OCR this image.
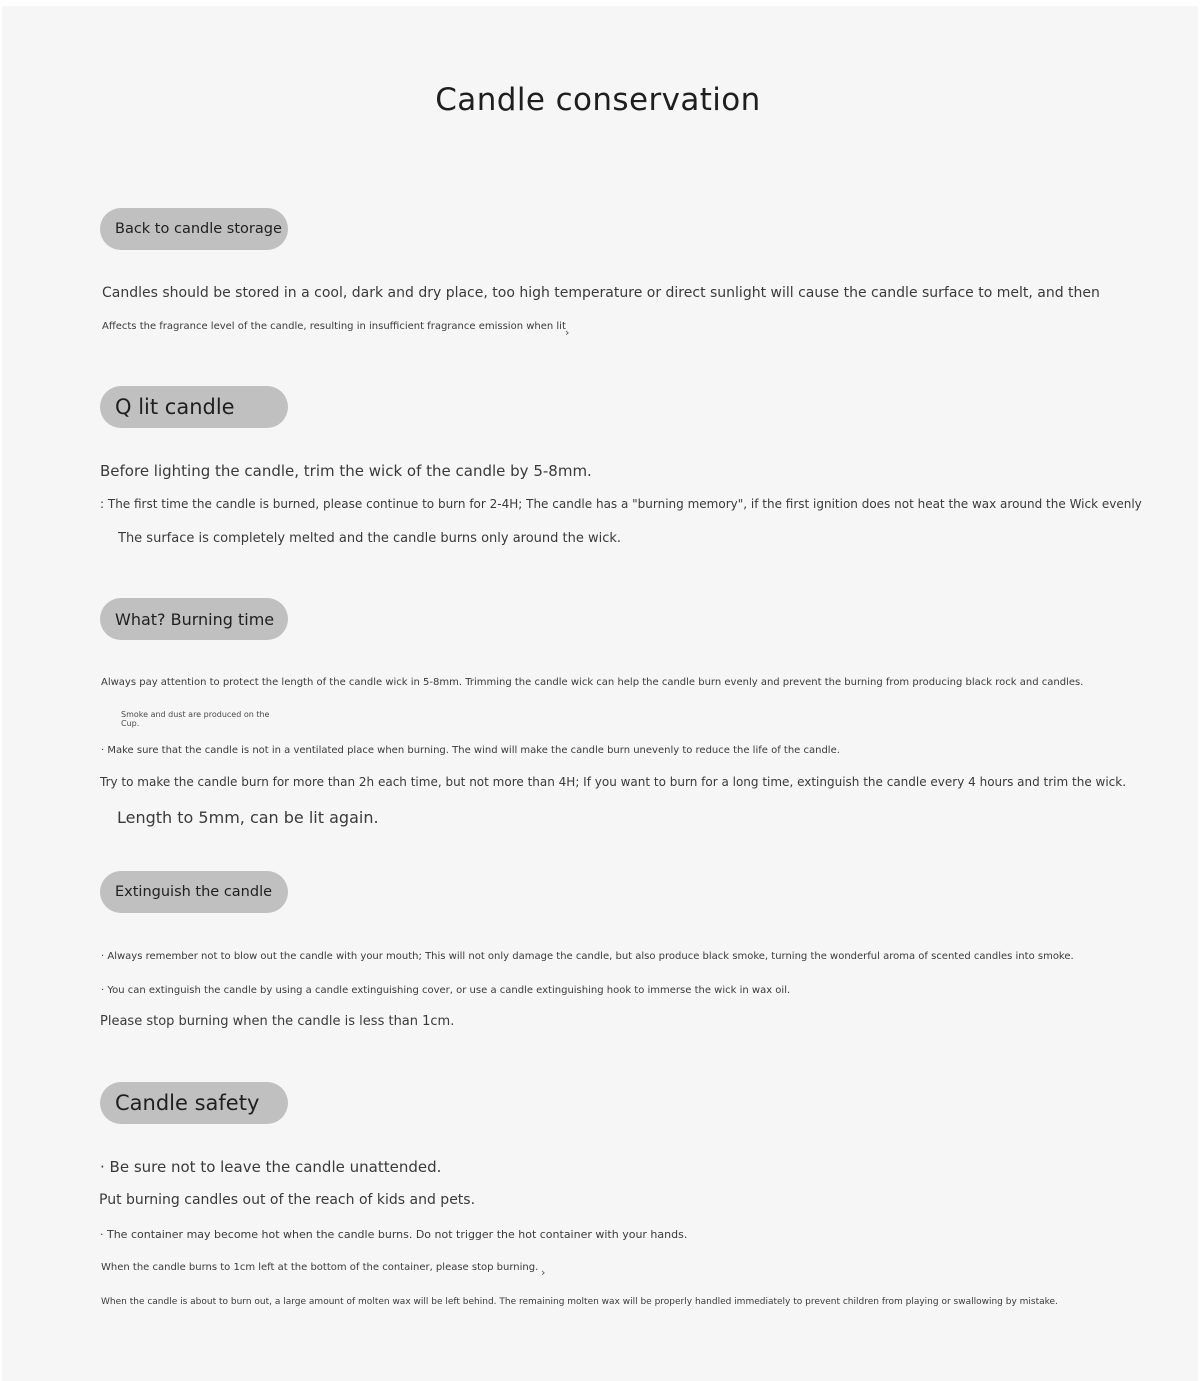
Candle conservation
Back to candle storage
Candles should be stored in a cool, dark and dry place, too high temperature or direct sunlight will cause the candle surface to melt, and then
Affects the fragrance level of the candle, resulting in insufficient fragrance emission when lit ›
Q lit candle
Before lighting the candle, trim the wick of the candle by 5-8mm.
: The first time the candle is burned, please continue to burn for 2-4H; The candle has a "burning memory", if the first ignition does not heat the wax around the Wick evenly
The surface is completely melted and the candle burns only around the wick.
What? Burning time
Always pay attention to protect the length of the candle wick in 5-8mm. Trimming the candle wick can help the candle burn evenly and prevent the burning from producing black rock and candles.
Smoke and dust are produced on the Cup.
· Make sure that the candle is not in a ventilated place when burning. The wind will make the candle burn unevenly to reduce the life of the candle.
Try to make the candle burn for more than 2h each time, but not more than 4H; If you want to burn for a long time, extinguish the candle every 4 hours and trim the wick.
Length to 5mm, can be lit again.
Extinguish the candle
· Always remember not to blow out the candle with your mouth; This will not only damage the candle, but also produce black smoke, turning the wonderful aroma of scented candles into smoke.
· You can extinguish the candle by using a candle extinguishing cover, or use a candle extinguishing hook to immerse the wick in wax oil.
Please stop burning when the candle is less than 1cm.
Candle safety
· Be sure not to leave the candle unattended.
Put burning candles out of the reach of kids and pets.
· The container may become hot when the candle burns. Do not trigger the hot container with your hands.
When the candle burns to 1cm left at the bottom of the container, please stop burning. ›
When the candle is about to burn out, a large amount of molten wax will be left behind. The remaining molten wax will be properly handled immediately to prevent children from playing or swallowing by mistake.
